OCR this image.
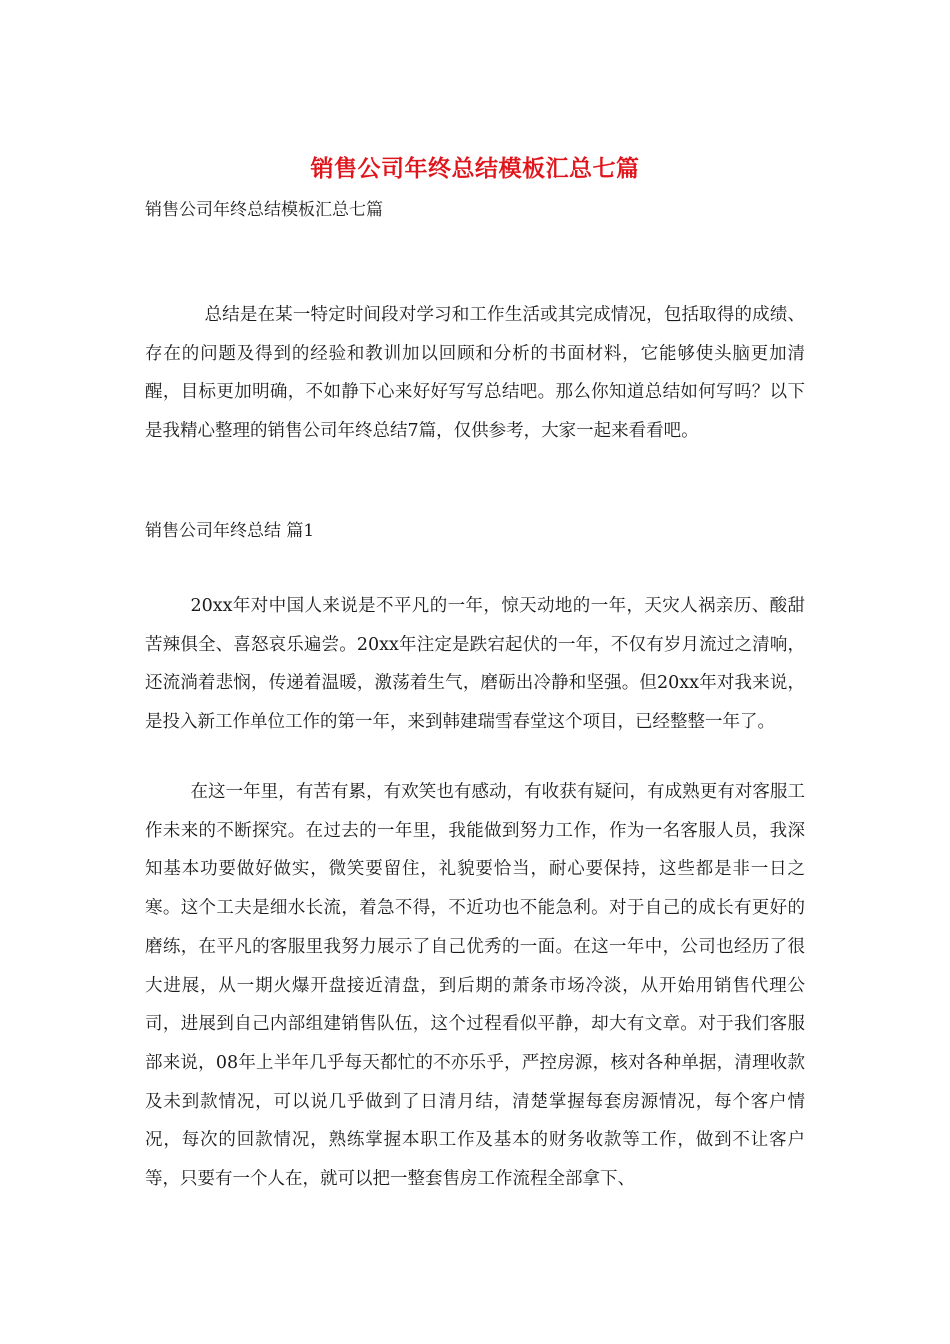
销售公司年终总结模板汇总七篇

销售公司年终总结模板汇总七篇

总结是在某一特定时间段对学习和工作生活或其完成情况，包括取得的成绩、存在的问题及得到的经验和教训加以回顾和分析的书面材料，它能够使头脑更加清醒，目标更加明确，不如静下心来好好写写总结吧。那么你知道总结如何写吗？以下是我精心整理的销售公司年终总结7篇，仅供参考，大家一起来看看吧。

销售公司年终总结 篇1

20xx年对中国人来说是不平凡的一年，惊天动地的一年，天灾人祸亲历、酸甜苦辣俱全、喜怒哀乐遍尝。20xx年注定是跌宕起伏的一年，不仅有岁月流过之清响，还流淌着悲悯，传递着温暖，激荡着生气，磨砺出冷静和坚强。但20xx年对我来说，是投入新工作单位工作的第一年，来到韩建瑞雪春堂这个项目，已经整整一年了。

在这一年里，有苦有累，有欢笑也有感动，有收获有疑问，有成熟更有对客服工作未来的不断探究。在过去的一年里，我能做到努力工作，作为一名客服人员，我深知基本功要做好做实，微笑要留住，礼貌要恰当，耐心要保持，这些都是非一日之寒。这个工夫是细水长流，着急不得，不近功也不能急利。对于自己的成长有更好的磨练，在平凡的客服里我努力展示了自己优秀的一面。在这一年中，公司也经历了很大进展，从一期火爆开盘接近清盘，到后期的萧条市场冷淡，从开始用销售代理公司，进展到自己内部组建销售队伍，这个过程看似平静，却大有文章。对于我们客服部来说，08年上半年几乎每天都忙的不亦乐乎，严控房源，核对各种单据，清理收款及未到款情况，可以说几乎做到了日清月结，清楚掌握每套房源情况，每个客户情况，每次的回款情况，熟练掌握本职工作及基本的财务收款等工作，做到不让客户等，只要有一个人在，就可以把一整套售房工作流程全部拿下、
